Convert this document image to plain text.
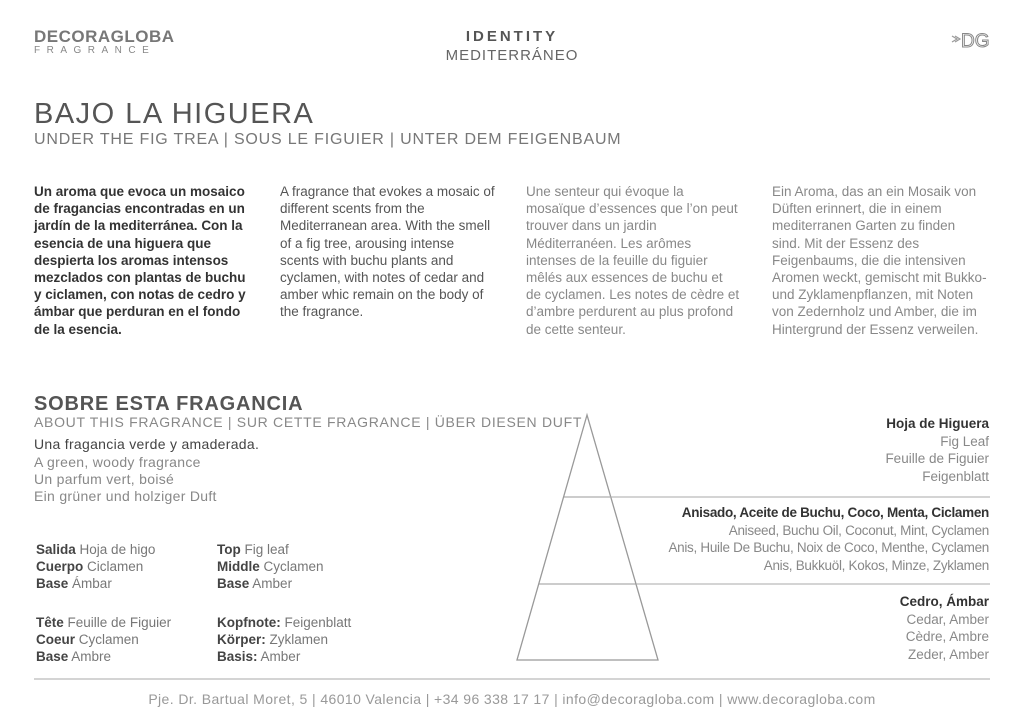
DECORAGLOBA
FRAGRANCE
IDENTITY
MEDITERRÁNEO
DG
BAJO LA HIGUERA
UNDER THE FIG TREA | SOUS LE FIGUIER | UNTER DEM FEIGENBAUM
Un aroma que evoca un mosaico de fragancias encontradas en un jardín de la mediterránea. Con la esencia de una higuera que despierta los aromas intensos mezclados con plantas de buchu y ciclamen, con notas de cedro y ámbar que perduran en el fondo de la esencia.
A fragrance that evokes a mosaic of different scents from the Mediterranean area. With the smell of a fig tree, arousing intense scents with buchu plants and cyclamen, with notes of cedar and amber whic remain on the body of the fragrance.
Une senteur qui évoque la mosaïque d’essences que l’on peut trouver dans un jardin Méditerranéen. Les arômes intenses de la feuille du figuier mêlés aux essences de buchu et de cyclamen. Les notes de cèdre et d’ambre perdurent au plus profond de cette senteur.
Ein Aroma, das an ein Mosaik von Düften erinnert, die in einem mediterranen Garten zu finden sind. Mit der Essenz des Feigenbaums, die die intensiven Aromen weckt, gemischt mit Bukko- und Zyklamenpflanzen, mit Noten von Zedernholz und Amber, die im Hintergrund der Essenz verweilen.
SOBRE ESTA FRAGANCIA
ABOUT THIS FRAGRANCE | SUR CETTE FRAGRANCE | ÜBER DIESEN DUFT
Una fragancia verde y amaderada.
A green, woody fragrance
Un parfum vert, boisé
Ein grüner und holziger Duft
Salida Hoja de higo
Cuerpo Ciclamen
Base Ámbar
Top Fig leaf
Middle Cyclamen
Base Amber
Tête Feuille de Figuier
Coeur Cyclamen
Base Ambre
Kopfnote: Feigenblatt
Körper: Zyklamen
Basis: Amber
Hoja de Higuera
Fig Leaf
Feuille de Figuier
Feigenblatt
Anisado, Aceite de Buchu, Coco, Menta, Ciclamen
Aniseed, Buchu Oil, Coconut, Mint, Cyclamen
Anis, Huile De Buchu, Noix de Coco, Menthe, Cyclamen
Anis, Bukkuöl, Kokos, Minze, Zyklamen
Cedro, Ámbar
Cedar, Amber
Cèdre, Ambre
Zeder, Amber
Pje. Dr. Bartual Moret, 5 | 46010 Valencia | +34 96 338 17 17 | info@decoragloba.com | www.decoragloba.com
